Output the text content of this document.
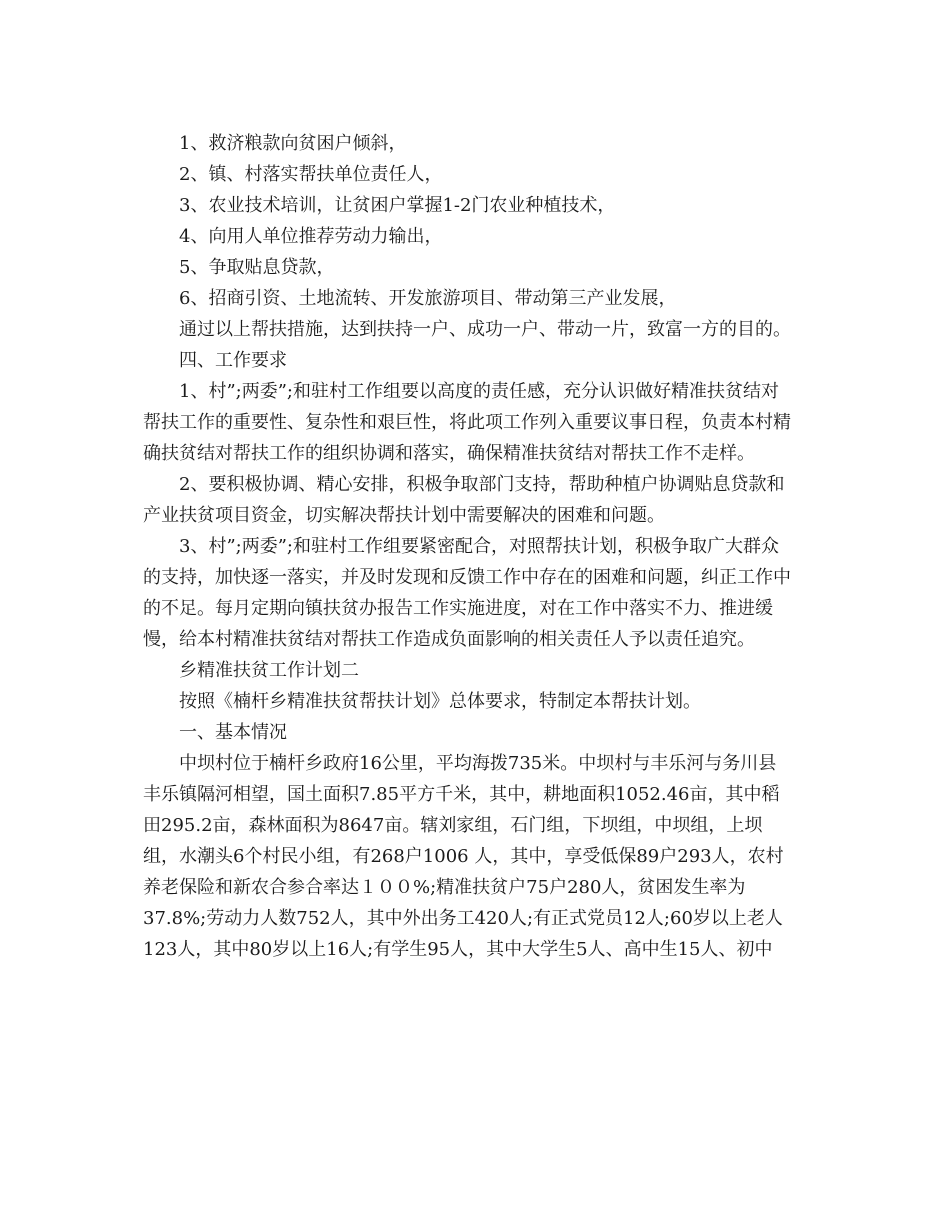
1、救济粮款向贫困户倾斜，
2、镇、村落实帮扶单位责任人，
3、农业技术培训，让贫困户掌握1-2门农业种植技术，
4、向用人单位推荐劳动力输出，
5、争取贴息贷款，
6、招商引资、土地流转、开发旅游项目、带动第三产业发展，
通过以上帮扶措施，达到扶持一户、成功一户、带动一片，致富一方的目的。
四、工作要求
1、村”;两委”;和驻村工作组要以高度的责任感，充分认识做好精准扶贫结对
帮扶工作的重要性、复杂性和艰巨性，将此项工作列入重要议事日程，负责本村精
确扶贫结对帮扶工作的组织协调和落实，确保精准扶贫结对帮扶工作不走样。
2、要积极协调、精心安排，积极争取部门支持，帮助种植户协调贴息贷款和
产业扶贫项目资金，切实解决帮扶计划中需要解决的困难和问题。
3、村”;两委”;和驻村工作组要紧密配合，对照帮扶计划，积极争取广大群众
的支持，加快逐一落实，并及时发现和反馈工作中存在的困难和问题，纠正工作中
的不足。每月定期向镇扶贫办报告工作实施进度，对在工作中落实不力、推进缓
慢，给本村精准扶贫结对帮扶工作造成负面影响的相关责任人予以责任追究。
乡精准扶贫工作计划二
按照《楠杆乡精准扶贫帮扶计划》总体要求，特制定本帮扶计划。
一、基本情况
中坝村位于楠杆乡政府16公里，平均海拨735米。中坝村与丰乐河与务川县
丰乐镇隔河相望，国土面积7.85平方千米，其中，耕地面积1052.46亩，其中稻
田295.2亩，森林面积为8647亩。辖刘家组，石门组，下坝组，中坝组，上坝
组，水潮头6个村民小组，有268户1006 人，其中，享受低保89户293人，农村
养老保险和新农合参合率达１００%;精准扶贫户75户280人，贫困发生率为
37.8%;劳动力人数752人，其中外出务工420人;有正式党员12人;60岁以上老人
123人，其中80岁以上16人;有学生95人，其中大学生5人、高中生15人、初中
